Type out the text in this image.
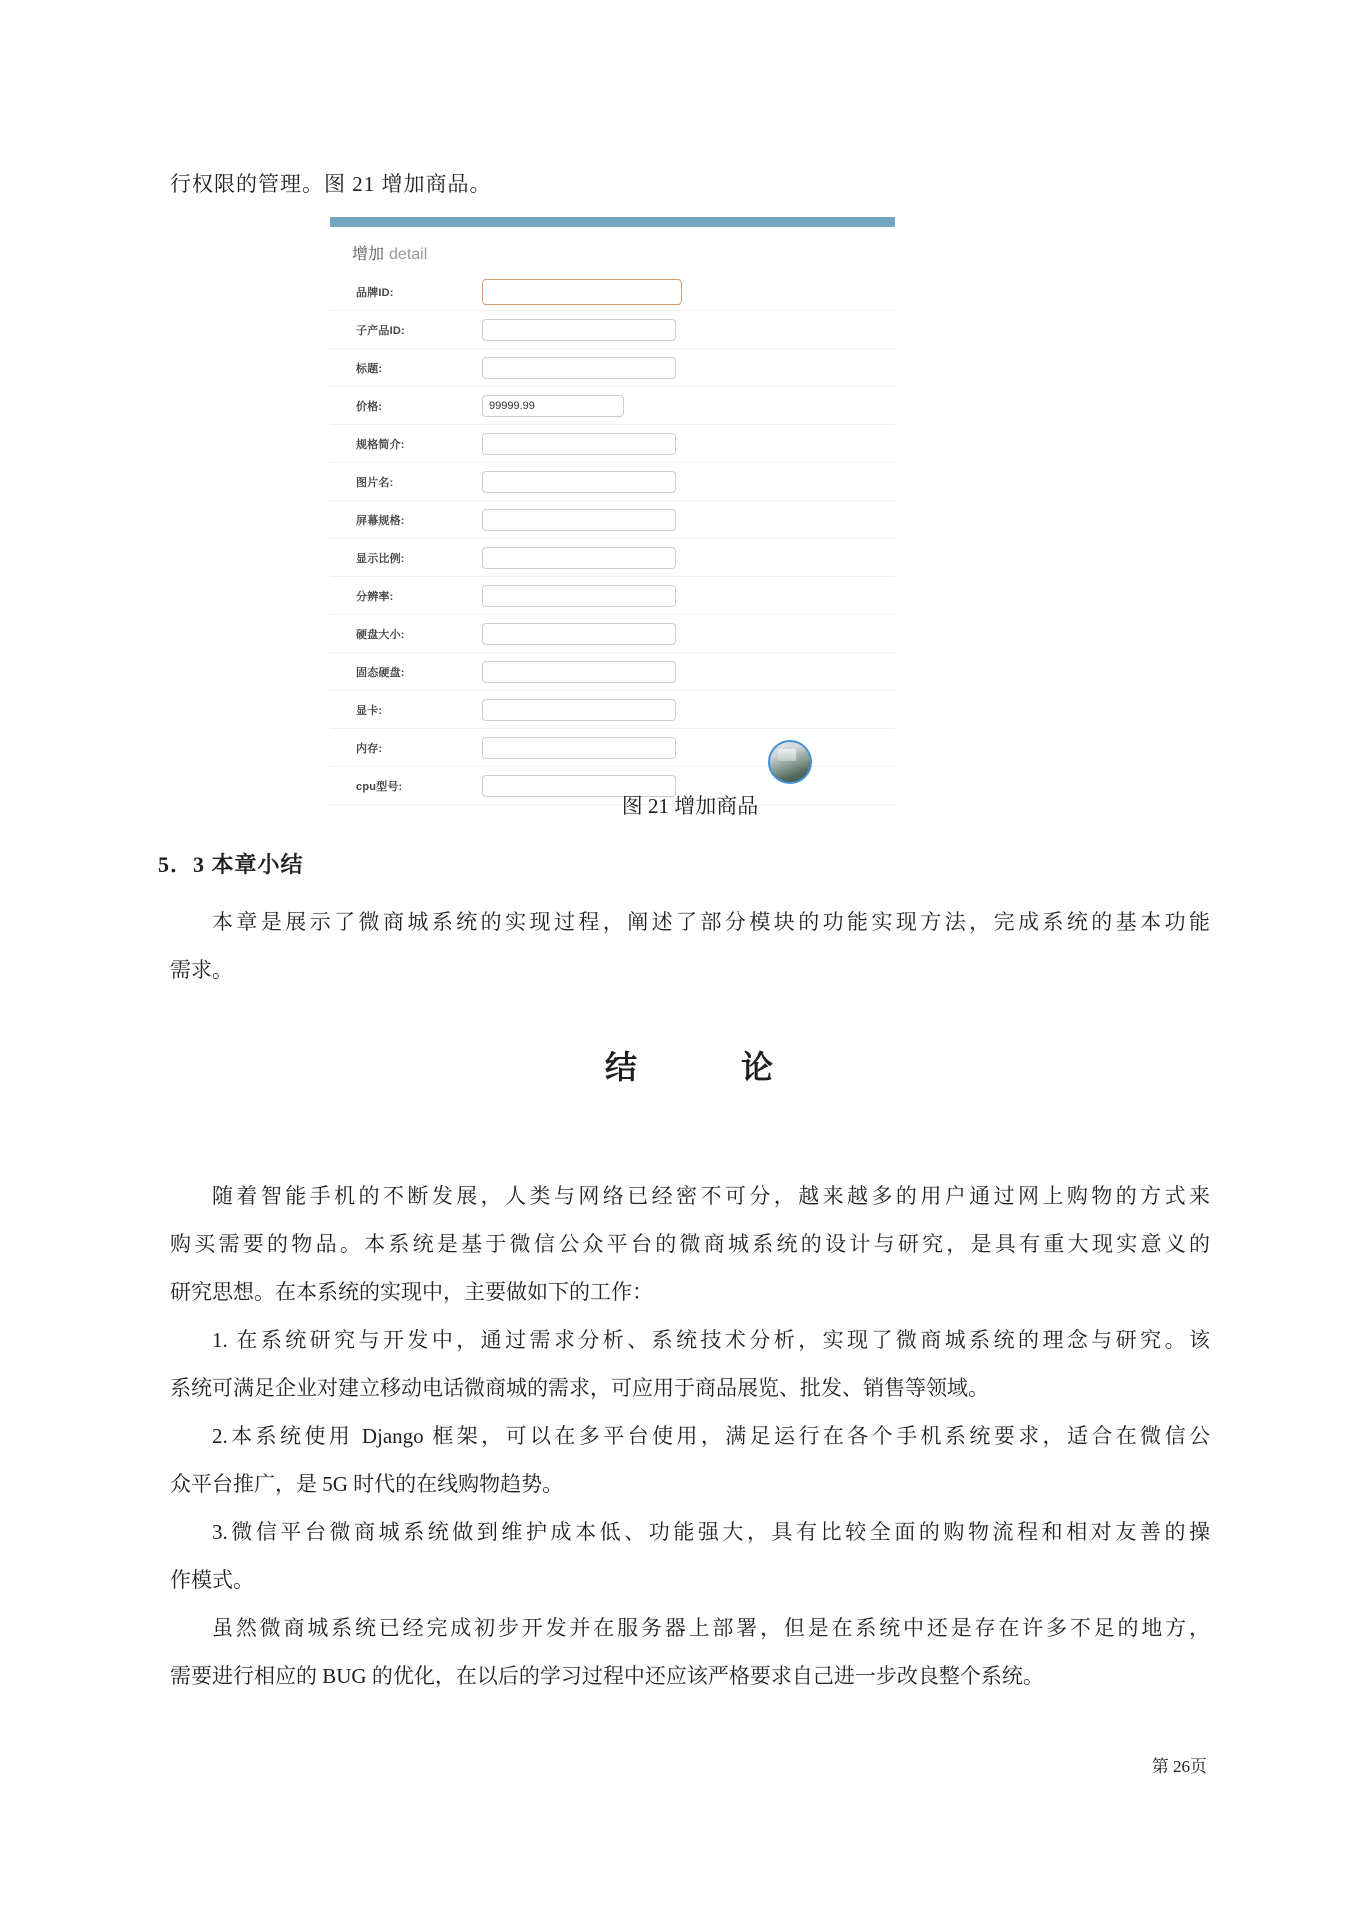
行权限的管理。图 21 增加商品。
增加 detail
品牌ID:
子产品ID:
标题:
价格:	99999.99
规格简介:
图片名:
屏幕规格:
显示比例:
分辨率:
硬盘大小:
固态硬盘:
显卡:
内存:
cpu型号:
图 21 增加商品
5．3 本章小结
本章是展示了微商城系统的实现过程，阐述了部分模块的功能实现方法，完成系统的基本功能
需求。
结　　　论
随着智能手机的不断发展，人类与网络已经密不可分，越来越多的用户通过网上购物的方式来
购买需要的物品。本系统是基于微信公众平台的微商城系统的设计与研究，是具有重大现实意义的
研究思想。在本系统的实现中，主要做如下的工作：
1. 在系统研究与开发中，通过需求分析、系统技术分析，实现了微商城系统的理念与研究。该
系统可满足企业对建立移动电话微商城的需求，可应用于商品展览、批发、销售等领域。
2.本系统使用 Django 框架，可以在多平台使用，满足运行在各个手机系统要求，适合在微信公
众平台推广，是 5G 时代的在线购物趋势。
3.微信平台微商城系统做到维护成本低、功能强大，具有比较全面的购物流程和相对友善的操
作模式。
虽然微商城系统已经完成初步开发并在服务器上部署，但是在系统中还是存在许多不足的地方，
需要进行相应的 BUG 的优化，在以后的学习过程中还应该严格要求自己进一步改良整个系统。
第 26页
